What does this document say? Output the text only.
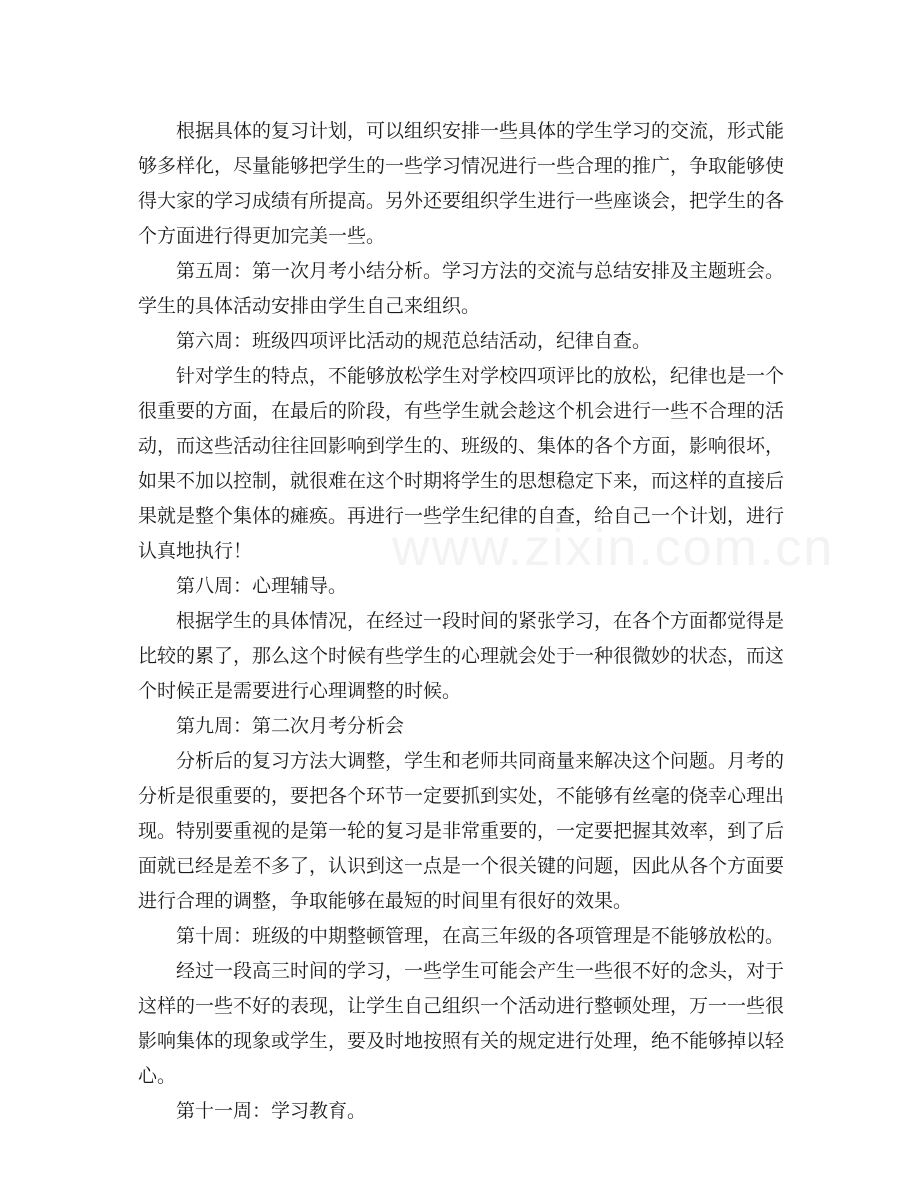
根据具体的复习计划，可以组织安排一些具体的学生学习的交流，形式能够多样化，尽量能够把学生的一些学习情况进行一些合理的推广，争取能够使得大家的学习成绩有所提高。另外还要组织学生进行一些座谈会，把学生的各个方面进行得更加完美一些。

第五周：第一次月考小结分析。学习方法的交流与总结安排及主题班会。 学生的具体活动安排由学生自己来组织。

第六周：班级四项评比活动的规范总结活动，纪律自查。

针对学生的特点，不能够放松学生对学校四项评比的放松，纪律也是一个很重要的方面，在最后的阶段，有些学生就会趁这个机会进行一些不合理的活动，而这些活动往往回影响到学生的、班级的、集体的各个方面，影响很坏，如果不加以控制，就很难在这个时期将学生的思想稳定下来，而这样的直接后果就是整个集体的瘫痪。再进行一些学生纪律的自查，给自己一个计划，进行认真地执行！

第八周：心理辅导。

根据学生的具体情况，在经过一段时间的紧张学习，在各个方面都觉得是比较的累了，那么这个时候有些学生的心理就会处于一种很微妙的状态，而这个时候正是需要进行心理调整的时候。

第九周：第二次月考分析会

分析后的复习方法大调整，学生和老师共同商量来解决这个问题。月考的分析是很重要的，要把各个环节一定要抓到实处，不能够有丝毫的侥幸心理出现。特别要重视的是第一轮的复习是非常重要的，一定要把握其效率，到了后面就已经是差不多了，认识到这一点是一个很关键的问题，因此从各个方面要进行合理的调整，争取能够在最短的时间里有很好的效果。

第十周：班级的中期整顿管理，在高三年级的各项管理是不能够放松的。

经过一段高三时间的学习，一些学生可能会产生一些很不好的念头，对于这样的一些不好的表现，让学生自己组织一个活动进行整顿处理，万一一些很影响集体的现象或学生，要及时地按照有关的规定进行处理，绝不能够掉以轻心。

第十一周：学习教育。

www.zixin.com.cn
